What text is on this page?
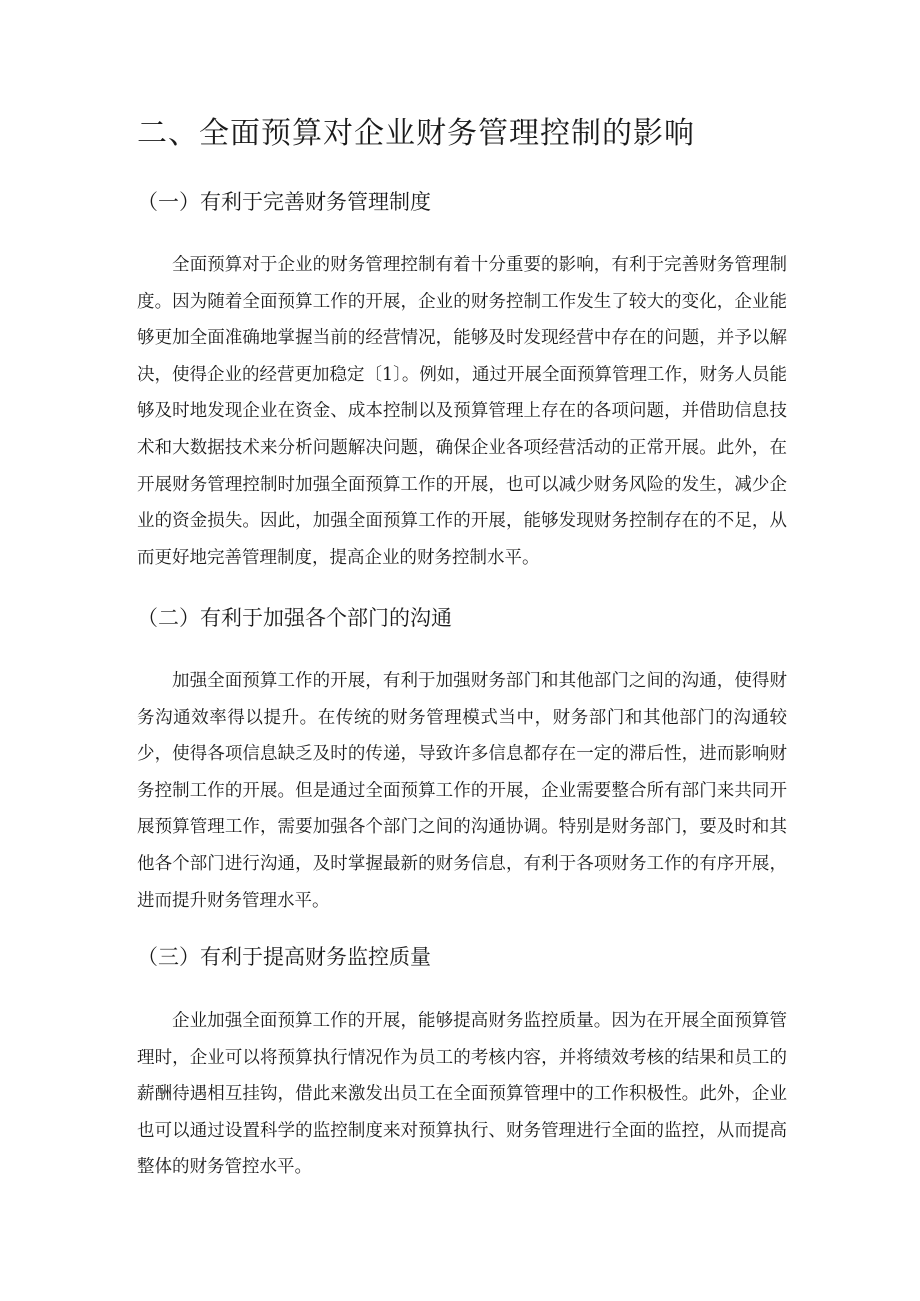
二、全面预算对企业财务管理控制的影响
（一）有利于完善财务管理制度

全面预算对于企业的财务管理控制有着十分重要的影响，有利于完善财务管理制度。因为随着全面预算工作的开展，企业的财务控制工作发生了较大的变化，企业能够更加全面准确地掌握当前的经营情况，能够及时发现经营中存在的问题，并予以解决，使得企业的经营更加稳定〔1〕。例如，通过开展全面预算管理工作，财务人员能够及时地发现企业在资金、成本控制以及预算管理上存在的各项问题，并借助信息技术和大数据技术来分析问题解决问题，确保企业各项经营活动的正常开展。此外，在开展财务管理控制时加强全面预算工作的开展，也可以减少财务风险的发生，减少企业的资金损失。因此，加强全面预算工作的开展，能够发现财务控制存在的不足，从而更好地完善管理制度，提高企业的财务控制水平。

（二）有利于加强各个部门的沟通

加强全面预算工作的开展，有利于加强财务部门和其他部门之间的沟通，使得财务沟通效率得以提升。在传统的财务管理模式当中，财务部门和其他部门的沟通较少，使得各项信息缺乏及时的传递，导致许多信息都存在一定的滞后性，进而影响财务控制工作的开展。但是通过全面预算工作的开展，企业需要整合所有部门来共同开展预算管理工作，需要加强各个部门之间的沟通协调。特别是财务部门，要及时和其他各个部门进行沟通，及时掌握最新的财务信息，有利于各项财务工作的有序开展，进而提升财务管理水平。

（三）有利于提高财务监控质量

企业加强全面预算工作的开展，能够提高财务监控质量。因为在开展全面预算管理时，企业可以将预算执行情况作为员工的考核内容，并将绩效考核的结果和员工的薪酬待遇相互挂钩，借此来激发出员工在全面预算管理中的工作积极性。此外，企业也可以通过设置科学的监控制度来对预算执行、财务管理进行全面的监控，从而提高整体的财务管控水平。
